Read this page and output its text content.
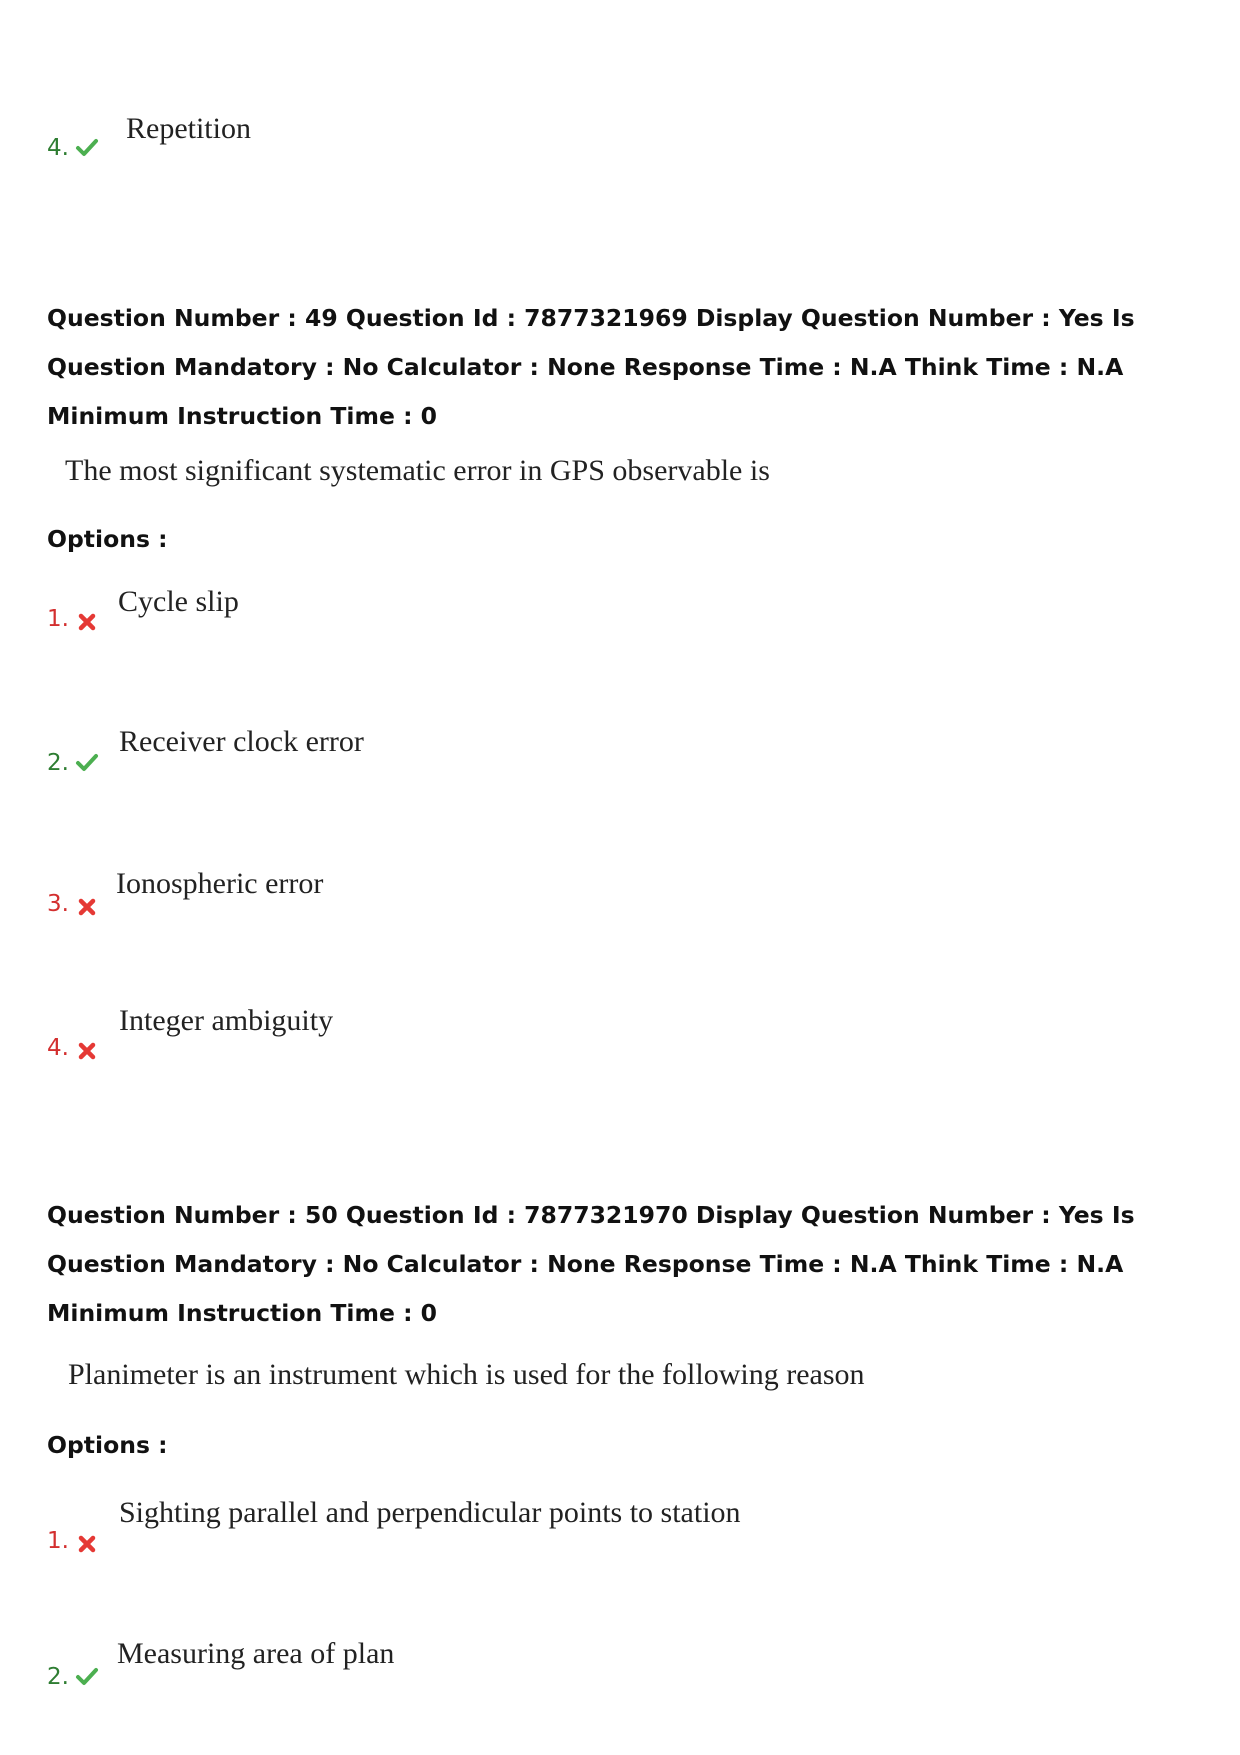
4.
Repetition
Question Number : 49 Question Id : 7877321969 Display Question Number : Yes Is Question Mandatory : No Calculator : None Response Time : N.A Think Time : N.A Minimum Instruction Time : 0
The most significant systematic error in GPS observable is
Options :
1.
Cycle slip
2.
Receiver clock error
3.
Ionospheric error
4.
Integer ambiguity
Question Number : 50 Question Id : 7877321970 Display Question Number : Yes Is Question Mandatory : No Calculator : None Response Time : N.A Think Time : N.A Minimum Instruction Time : 0
Planimeter is an instrument which is used for the following reason
Options :
1.
Sighting parallel and perpendicular points to station
2.
Measuring area of plan
